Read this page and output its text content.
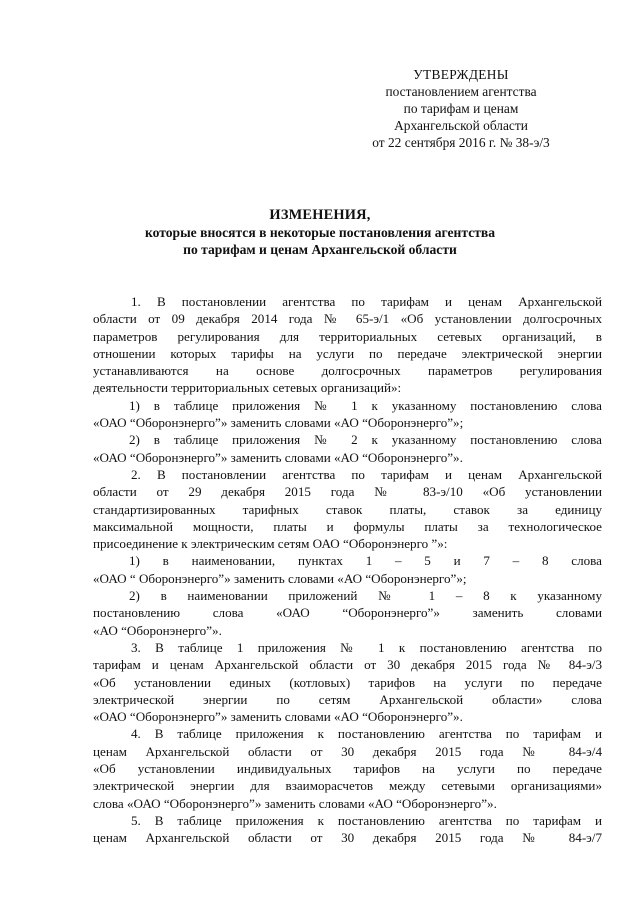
УТВЕРЖДЕНЫ
постановлением агентства
по тарифам и ценам
Архангельской области
от 22 сентября 2016 г. № 38-э/3
ИЗМЕНЕНИЯ,
которые вносятся в некоторые постановления агентства
по тарифам и ценам Архангельской области

1. В постановлении агентства по тарифам и ценам Архангельской

области от 09 декабря 2014 года № 65-э/1 «Об установлении долгосрочных

параметров регулирования для территориальных сетевых организаций, в

отношении которых тарифы на услуги по передаче электрической энергии

устанавливаются на основе долгосрочных параметров регулирования

деятельности территориальных сетевых организаций»:

1) в таблице приложения № 1 к указанному постановлению слова

«ОАО “Оборонэнерго”» заменить словами «АО “Оборонэнерго”»;

2) в таблице приложения № 2 к указанному постановлению слова

«ОАО “Оборонэнерго”» заменить словами «АО “Оборонэнерго”».

2. В постановлении агентства по тарифам и ценам Архангельской

области от 29 декабря 2015 года № 83-э/10 «Об установлении

стандартизированных тарифных ставок платы, ставок за единицу

максимальной мощности, платы и формулы платы за технологическое

присоединение к электрическим сетям ОАО “Оборонэнерго ”»:

1) в наименовании, пунктах 1 – 5 и 7 – 8 слова

«ОАО “ Оборонэнерго”» заменить словами «АО “Оборонэнерго”»;

2) в наименовании приложений № 1 – 8 к указанному

постановлению слова «ОАО “Оборонэнерго”» заменить словами

«АО “Оборонэнерго”».

3. В таблице 1 приложения № 1 к постановлению агентства по

тарифам и ценам Архангельской области от 30 декабря 2015 года № 84-э/3

«Об установлении единых (котловых) тарифов на услуги по передаче

электрической энергии по сетям Архангельской области» слова

«ОАО “Оборонэнерго”» заменить словами «АО “Оборонэнерго”».

4. В таблице приложения к постановлению агентства по тарифам и

ценам Архангельской области от 30 декабря 2015 года № 84-э/4

«Об установлении индивидуальных тарифов на услуги по передаче

электрической энергии для взаиморасчетов между сетевыми организациями»

слова «ОАО “Оборонэнерго”» заменить словами «АО “Оборонэнерго”».

5. В таблице приложения к постановлению агентства по тарифам и

ценам Архангельской области от 30 декабря 2015 года № 84-э/7
